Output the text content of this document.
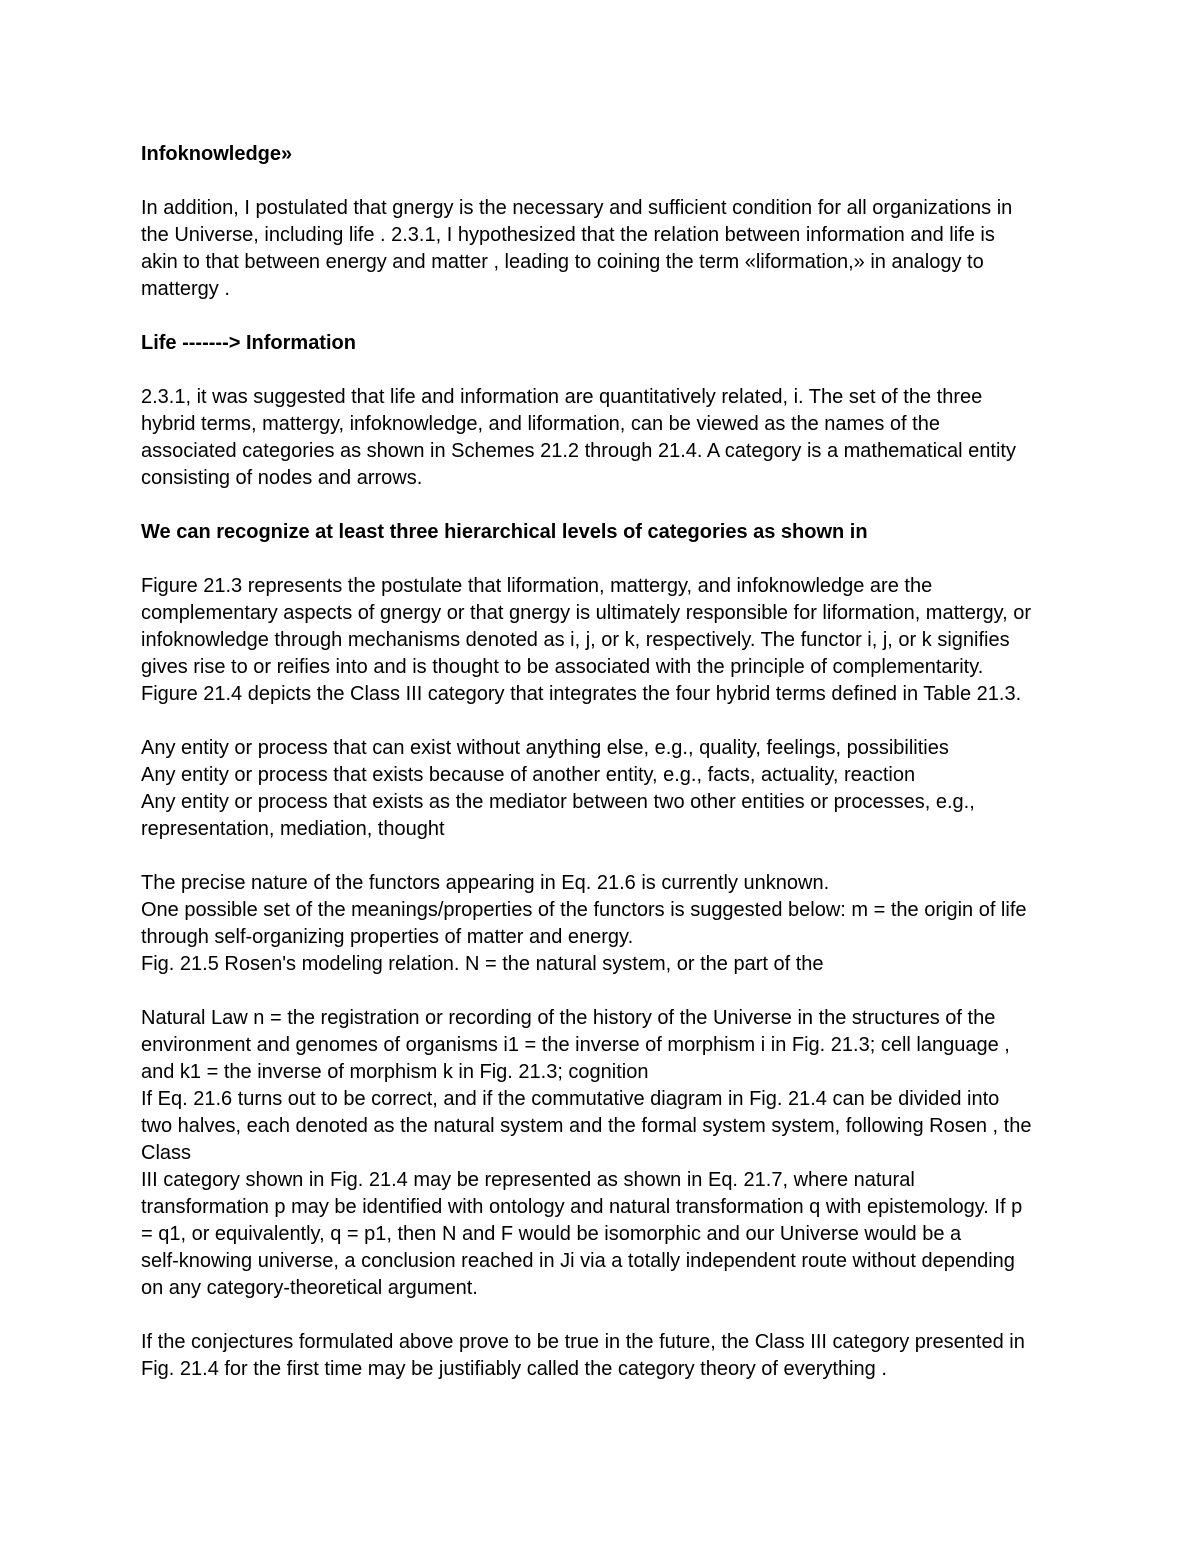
Infoknowledge»
In addition, I postulated that gnergy is the necessary and sufficient condition for all organizations in
the Universe, including life . 2.3.1, I hypothesized that the relation between information and life is
akin to that between energy and matter , leading to coining the term «liformation,» in analogy to
mattergy .
Life -------> Information
2.3.1, it was suggested that life and information are quantitatively related, i. The set of the three
hybrid terms, mattergy, infoknowledge, and liformation, can be viewed as the names of the
associated categories as shown in Schemes 21.2 through 21.4. A category is a mathematical entity
consisting of nodes and arrows.
We can recognize at least three hierarchical levels of categories as shown in
Figure 21.3 represents the postulate that liformation, mattergy, and infoknowledge are the
complementary aspects of gnergy or that gnergy is ultimately responsible for liformation, mattergy, or
infoknowledge through mechanisms denoted as i, j, or k, respectively. The functor i, j, or k signifies
gives rise to or reifies into and is thought to be associated with the principle of complementarity.
Figure 21.4 depicts the Class III category that integrates the four hybrid terms defined in Table 21.3.
Any entity or process that can exist without anything else, e.g., quality, feelings, possibilities
Any entity or process that exists because of another entity, e.g., facts, actuality, reaction
Any entity or process that exists as the mediator between two other entities or processes, e.g.,
representation, mediation, thought
The precise nature of the functors appearing in Eq. 21.6 is currently unknown.
One possible set of the meanings/properties of the functors is suggested below: m = the origin of life
through self-organizing properties of matter and energy.
Fig. 21.5 Rosen's modeling relation. N = the natural system, or the part of the
Natural Law n = the registration or recording of the history of the Universe in the structures of the
environment and genomes of organisms i1 = the inverse of morphism i in Fig. 21.3; cell language ,
and k1 = the inverse of morphism k in Fig. 21.3; cognition
If Eq. 21.6 turns out to be correct, and if the commutative diagram in Fig. 21.4 can be divided into
two halves, each denoted as the natural system and the formal system system, following Rosen , the
Class
III category shown in Fig. 21.4 may be represented as shown in Eq. 21.7, where natural
transformation p may be identified with ontology and natural transformation q with epistemology. If p
= q1, or equivalently, q = p1, then N and F would be isomorphic and our Universe would be a
self-knowing universe, a conclusion reached in Ji via a totally independent route without depending
on any category-theoretical argument.
If the conjectures formulated above prove to be true in the future, the Class III category presented in
Fig. 21.4 for the first time may be justifiably called the category theory of everything .
